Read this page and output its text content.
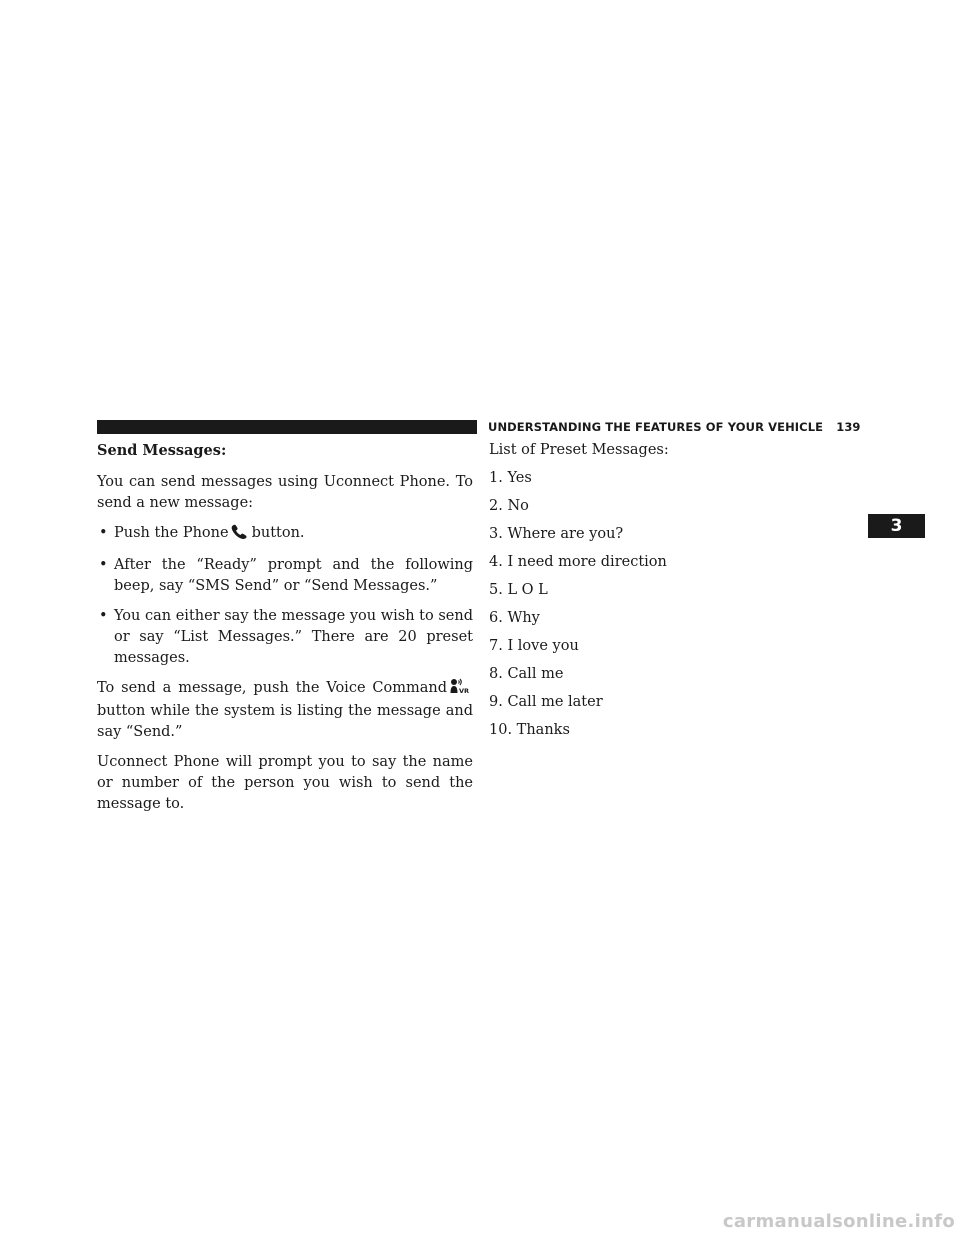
UNDERSTANDING THE FEATURES OF YOUR VEHICLE 139
3
Send Messages:

You can send messages using Uconnect Phone. To send a new message:

• Push the Phone button.
• After the “Ready” prompt and the following beep, say “SMS Send” or “Send Messages.”
• You can either say the message you wish to send or say “List Messages.” There are 20 preset messages.

To send a message, push the Voice Command VR
button while the system is listing the message and say “Send.”

Uconnect Phone will prompt you to say the name or number of the person you wish to send the message to.

List of Preset Messages:
1. Yes
2. No
3. Where are you?
4. I need more direction
5. L O L
6. Why
7. I love you
8. Call me
9. Call me later
10. Thanks
carmanualsonline.info
